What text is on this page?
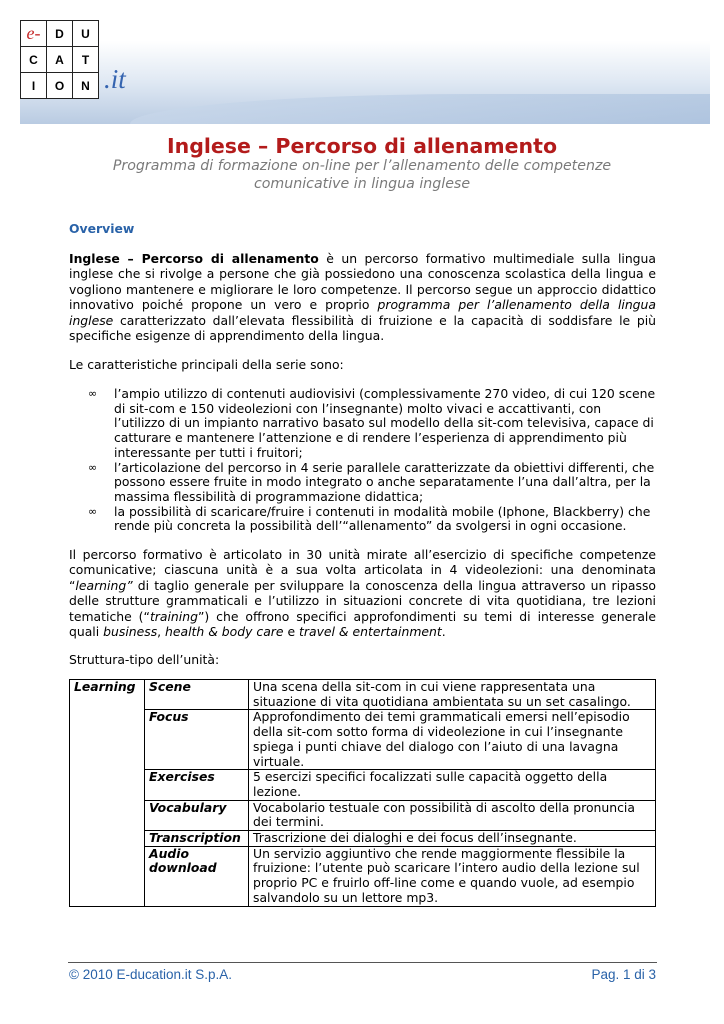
e-	D	U
C	A	T
I	O	N .it
Inglese – Percorso di allenamento
Programma di formazione on-line per l’allenamento delle competenze comunicative in lingua inglese
Overview
Inglese – Percorso di allenamento è un percorso formativo multimediale sulla lingua inglese che si rivolge a persone che già possiedono una conoscenza scolastica della lingua e vogliono mantenere e migliorare le loro competenze. Il percorso segue un approccio didattico innovativo poiché propone un vero e proprio programma per l’allenamento della lingua inglese caratterizzato dall’elevata flessibilità di fruizione e la capacità di soddisfare le più specifiche esigenze di apprendimento della lingua.
Le caratteristiche principali della serie sono:
∞ l’ampio utilizzo di contenuti audiovisivi (complessivamente 270 video, di cui 120 scene di sit-com e 150 videolezioni con l’insegnante) molto vivaci e accattivanti, con l’utilizzo di un impianto narrativo basato sul modello della sit-com televisiva, capace di catturare e mantenere l’attenzione e di rendere l’esperienza di apprendimento più interessante per tutti i fruitori;
∞ l’articolazione del percorso in 4 serie parallele caratterizzate da obiettivi differenti, che possono essere fruite in modo integrato o anche separatamente l’una dall’altra, per la massima flessibilità di programmazione didattica;
∞ la possibilità di scaricare/fruire i contenuti in modalità mobile (Iphone, Blackberry) che rende più concreta la possibilità dell’“allenamento” da svolgersi in ogni occasione.
Il percorso formativo è articolato in 30 unità mirate all’esercizio di specifiche competenze comunicative; ciascuna unità è a sua volta articolata in 4 videolezioni: una denominata “learning” di taglio generale per sviluppare la conoscenza della lingua attraverso un ripasso delle strutture grammaticali e l’utilizzo in situazioni concrete di vita quotidiana, tre lezioni tematiche (“training”) che offrono specifici approfondimenti su temi di interesse generale quali business, health & body care e travel & entertainment.
Struttura-tipo dell’unità:
Learning	Scene	Una scena della sit-com in cui viene rappresentata una situazione di vita quotidiana ambientata su un set casalingo.
	Focus	Approfondimento dei temi grammaticali emersi nell’episodio della sit-com sotto forma di videolezione in cui l’insegnante spiega i punti chiave del dialogo con l’aiuto di una lavagna virtuale.
	Exercises	5 esercizi specifici focalizzati sulle capacità oggetto della lezione.
	Vocabulary	Vocabolario testuale con possibilità di ascolto della pronuncia dei termini.
	Transcription	Trascrizione dei dialoghi e dei focus dell’insegnante.
	Audio download	Un servizio aggiuntivo che rende maggiormente flessibile la fruizione: l’utente può scaricare l’intero audio della lezione sul proprio PC e fruirlo off-line come e quando vuole, ad esempio salvandolo su un lettore mp3.
© 2010 E-ducation.it S.p.A.	Pag. 1 di 3
